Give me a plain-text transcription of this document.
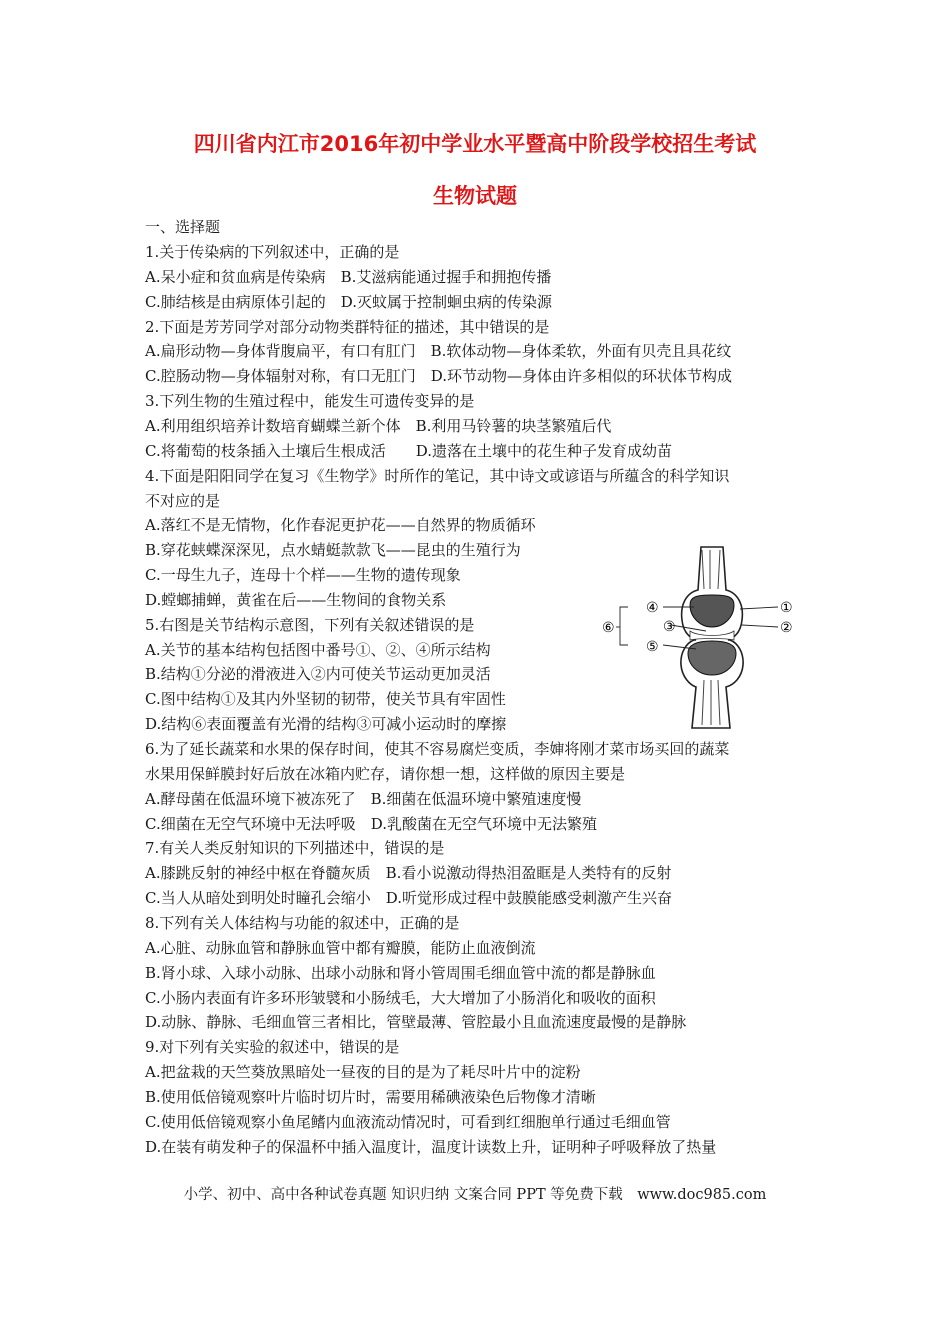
四川省内江市2016年初中学业水平暨高中阶段学校招生考试
生物试题
一、选择题
1.关于传染病的下列叙述中，正确的是
A.呆小症和贫血病是传染病　B.艾滋病能通过握手和拥抱传播
C.肺结核是由病原体引起的　D.灭蚊属于控制蛔虫病的传染源
2.下面是芳芳同学对部分动物类群特征的描述，其中错误的是
A.扁形动物—身体背腹扁平，有口有肛门　B.软体动物—身体柔软，外面有贝壳且具花纹
C.腔肠动物—身体辐射对称，有口无肛门　D.环节动物—身体由许多相似的环状体节构成
3.下列生物的生殖过程中，能发生可遗传变异的是
A.利用组织培养计数培育蝴蝶兰新个体　B.利用马铃薯的块茎繁殖后代
C.将葡萄的枝条插入土壤后生根成活　　D.遗落在土壤中的花生种子发育成幼苗
4.下面是阳阳同学在复习《生物学》时所作的笔记，其中诗文或谚语与所蕴含的科学知识
不对应的是
A.落红不是无情物，化作春泥更护花——自然界的物质循环
B.穿花蛱蝶深深见，点水蜻蜓款款飞——昆虫的生殖行为
C.一母生九子，连母十个样——生物的遗传现象
D.螳螂捕蝉，黄雀在后——生物间的食物关系
5.右图是关节结构示意图，下列有关叙述错误的是
A.关节的基本结构包括图中番号①、②、④所示结构
B.结构①分泌的滑液进入②内可使关节运动更加灵活
C.图中结构①及其内外坚韧的韧带，使关节具有牢固性
D.结构⑥表面覆盖有光滑的结构③可减小运动时的摩擦
6.为了延长蔬菜和水果的保存时间，使其不容易腐烂变质，李婶将刚才菜市场买回的蔬菜
水果用保鲜膜封好后放在冰箱内贮存，请你想一想，这样做的原因主要是
A.酵母菌在低温环境下被冻死了　B.细菌在低温环境中繁殖速度慢
C.细菌在无空气环境中无法呼吸　D.乳酸菌在无空气环境中无法繁殖
7.有关人类反射知识的下列描述中，错误的是
A.膝跳反射的神经中枢在脊髓灰质　B.看小说激动得热泪盈眶是人类特有的反射
C.当人从暗处到明处时瞳孔会缩小　D.听觉形成过程中鼓膜能感受刺激产生兴奋
8.下列有关人体结构与功能的叙述中，正确的是
A.心脏、动脉血管和静脉血管中都有瓣膜，能防止血液倒流
B.肾小球、入球小动脉、出球小动脉和肾小管周围毛细血管中流的都是静脉血
C.小肠内表面有许多环形皱襞和小肠绒毛，大大增加了小肠消化和吸收的面积
D.动脉、静脉、毛细血管三者相比，管壁最薄、管腔最小且血流速度最慢的是静脉
9.对下列有关实验的叙述中，错误的是
A.把盆栽的天竺葵放黑暗处一昼夜的目的是为了耗尽叶片中的淀粉
B.使用低倍镜观察叶片临时切片时，需要用稀碘液染色后物像才清晰
C.使用低倍镜观察小鱼尾鳍内血液流动情况时，可看到红细胞单行通过毛细血管
D.在装有萌发种子的保温杯中插入温度计，温度计读数上升，证明种子呼吸释放了热量
④
③
⑤
①
②
⑥
小学、初中、高中各种试卷真题 知识归纳 文案合同 PPT 等免费下载　www.doc985.com
